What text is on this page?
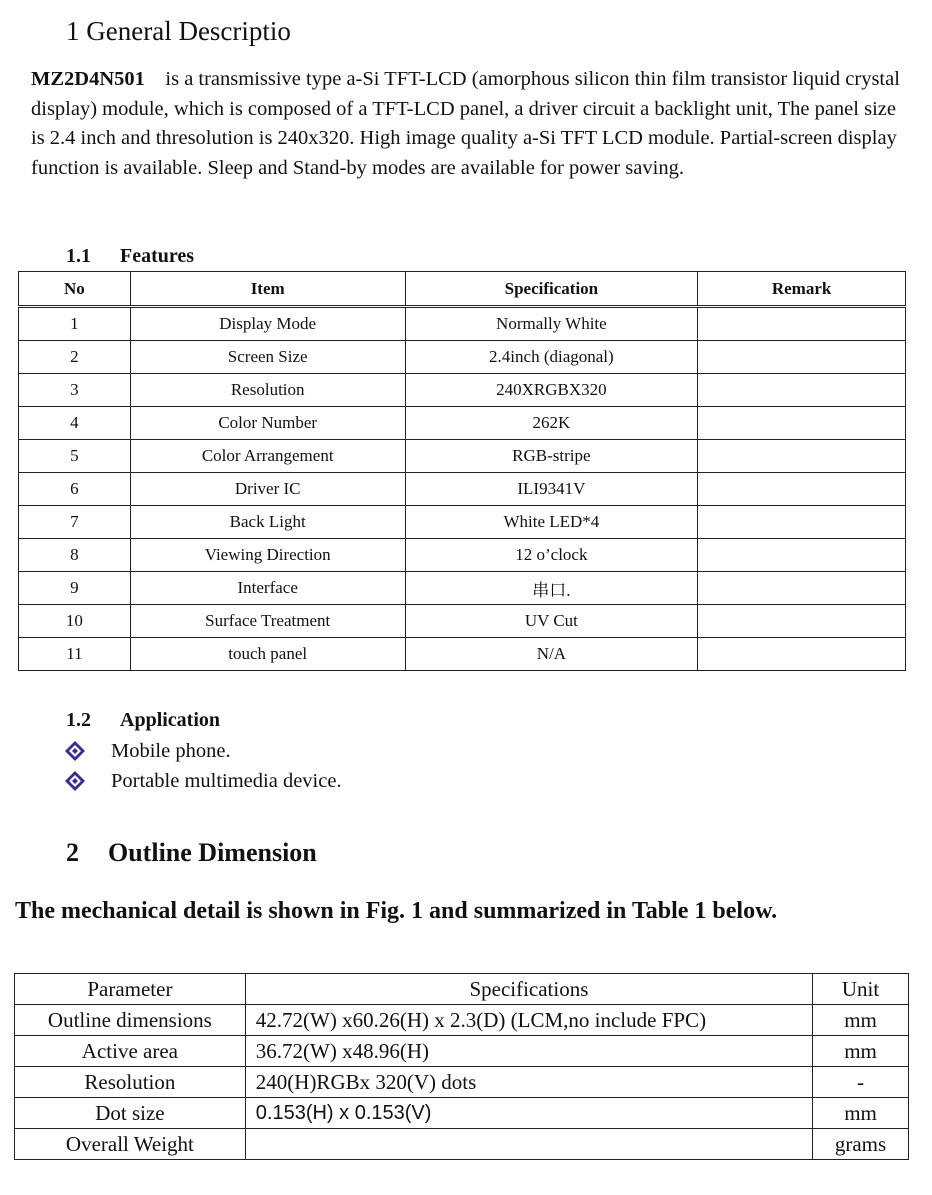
1 General Descriptio
MZ2D4N501 is a transmissive type a-Si TFT-LCD (amorphous silicon thin film transistor liquid crystal display) module, which is composed of a TFT-LCD panel, a driver circuit a backlight unit, The panel size is 2.4 inch and thresolution is 240x320. High image quality a-Si TFT LCD module. Partial-screen display function is available. Sleep and Stand-by modes are available for power saving.
1.1 Features
No	Item	Specification	Remark
1	Display Mode	Normally White	
2	Screen Size	2.4inch (diagonal)	
3	Resolution	240XRGBX320	
4	Color Number	262K	
5	Color Arrangement	RGB-stripe	
6	Driver IC	ILI9341V	
7	Back Light	White LED*4	
8	Viewing Direction	12 o’clock	
9	Interface	串口.	
10	Surface Treatment	UV Cut	
11	touch panel	N/A	
1.2 Application
Mobile phone.
Portable multimedia device.
2 Outline Dimension
The mechanical detail is shown in Fig. 1 and summarized in Table 1 below.
Parameter	Specifications	Unit
Outline dimensions	42.72(W) x60.26(H) x 2.3(D) (LCM,no include FPC)	mm
Active area	36.72(W) x48.96(H)	mm
Resolution	240(H)RGBx 320(V) dots	-
Dot size	0.153(H) x 0.153(V)	mm
Overall Weight		grams
